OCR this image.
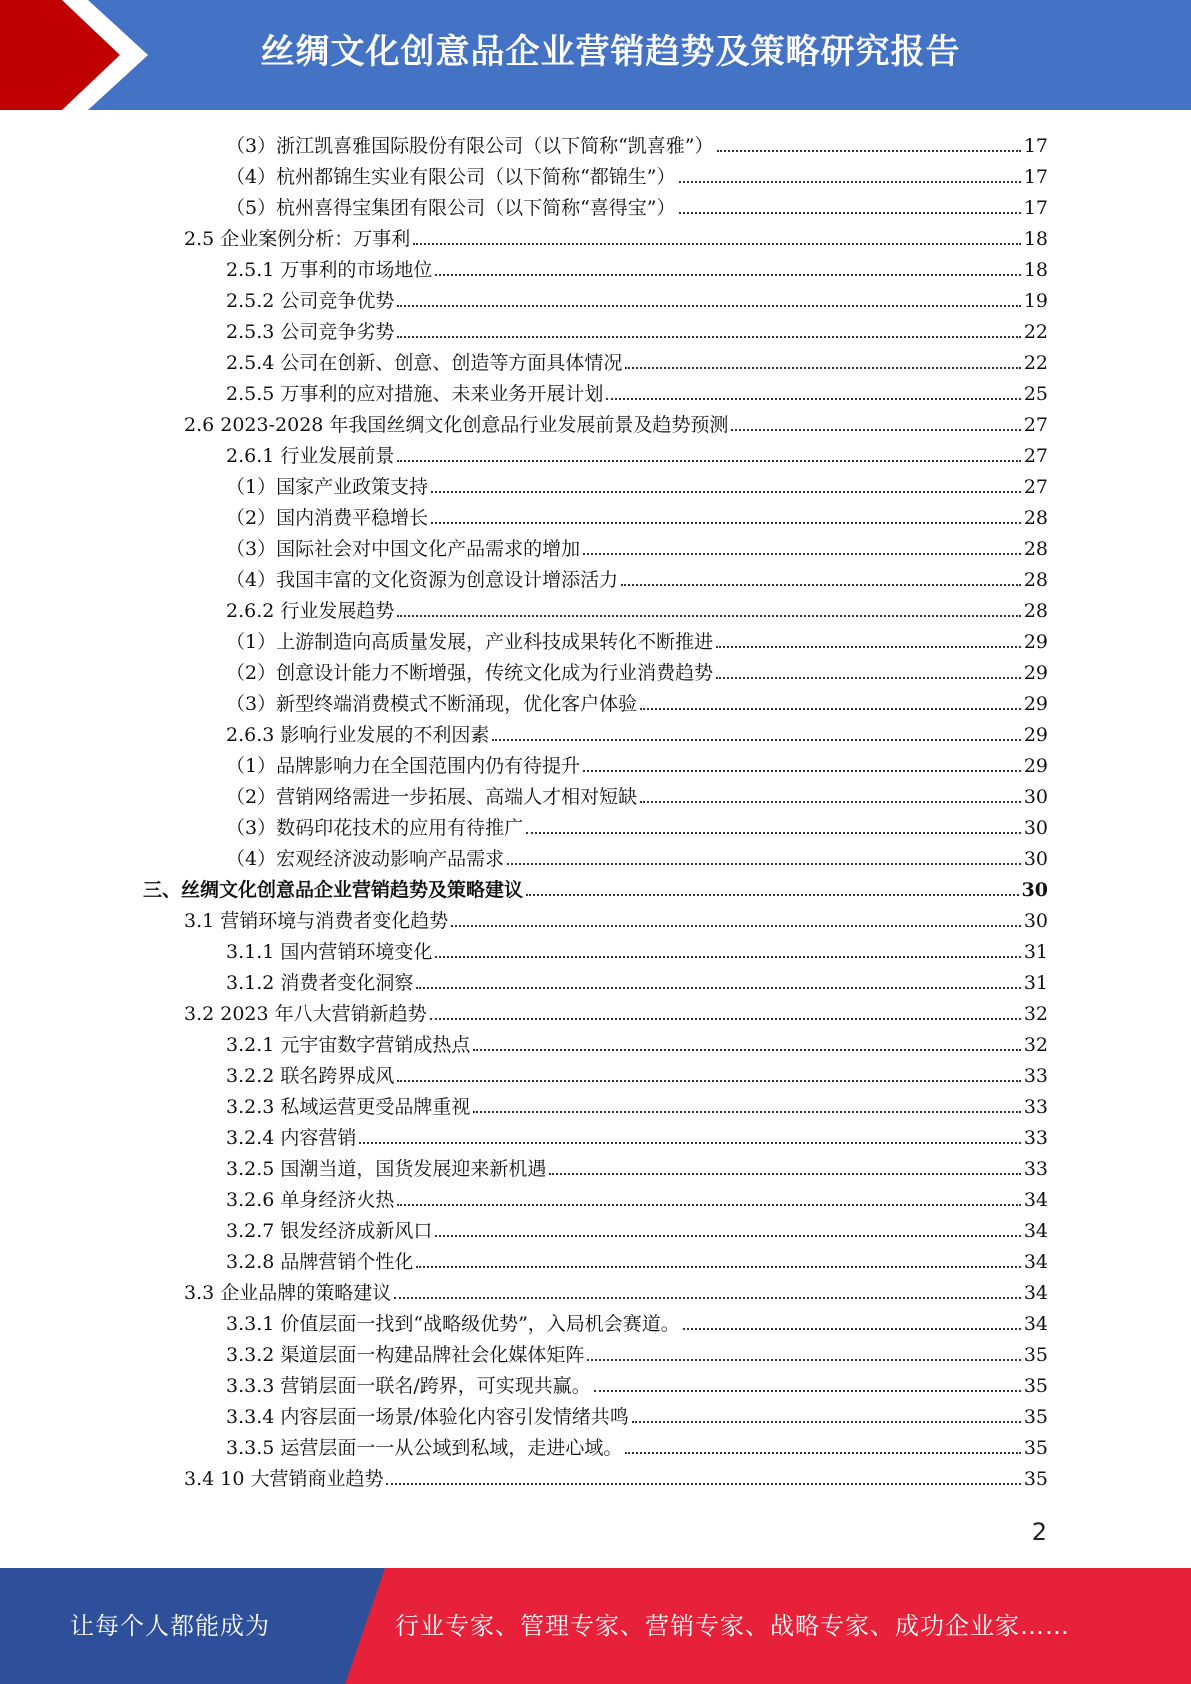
丝绸文化创意品企业营销趋势及策略研究报告
（3）浙江凯喜雅国际股份有限公司（以下简称“凯喜雅”）	17
（4）杭州都锦生实业有限公司（以下简称“都锦生”）	17
（5）杭州喜得宝集团有限公司（以下简称“喜得宝”）	17
2.5 企业案例分析：万事利	18
2.5.1 万事利的市场地位	18
2.5.2 公司竞争优势	19
2.5.3 公司竞争劣势	22
2.5.4 公司在创新、创意、创造等方面具体情况	22
2.5.5 万事利的应对措施、未来业务开展计划	25
2.6 2023-2028 年我国丝绸文化创意品行业发展前景及趋势预测	27
2.6.1 行业发展前景	27
（1）国家产业政策支持	27
（2）国内消费平稳增长	28
（3）国际社会对中国文化产品需求的增加	28
（4）我国丰富的文化资源为创意设计增添活力	28
2.6.2 行业发展趋势	28
（1）上游制造向高质量发展，产业科技成果转化不断推进	29
（2）创意设计能力不断增强，传统文化成为行业消费趋势	29
（3）新型终端消费模式不断涌现，优化客户体验	29
2.6.3 影响行业发展的不利因素	29
（1）品牌影响力在全国范围内仍有待提升	29
（2）营销网络需进一步拓展、高端人才相对短缺	30
（3）数码印花技术的应用有待推广	30
（4）宏观经济波动影响产品需求	30
三、丝绸文化创意品企业营销趋势及策略建议	30
3.1 营销环境与消费者变化趋势	30
3.1.1 国内营销环境变化	31
3.1.2 消费者变化洞察	31
3.2 2023 年八大营销新趋势	32
3.2.1 元宇宙数字营销成热点	32
3.2.2 联名跨界成风	33
3.2.3 私域运营更受品牌重视	33
3.2.4 内容营销	33
3.2.5 国潮当道，国货发展迎来新机遇	33
3.2.6 单身经济火热	34
3.2.7 银发经济成新风口	34
3.2.8 品牌营销个性化	34
3.3 企业品牌的策略建议	34
3.3.1 价值层面一找到“战略级优势”，入局机会赛道。	34
3.3.2 渠道层面一构建品牌社会化媒体矩阵	35
3.3.3 营销层面一联名/跨界，可实现共赢。	35
3.3.4 内容层面一场景/体验化内容引发情绪共鸣	35
3.3.5 运营层面一一从公域到私域，走进心域。	35
3.4 10 大营销商业趋势	35
2
让每个人都能成为	行业专家、管理专家、营销专家、战略专家、成功企业家……
